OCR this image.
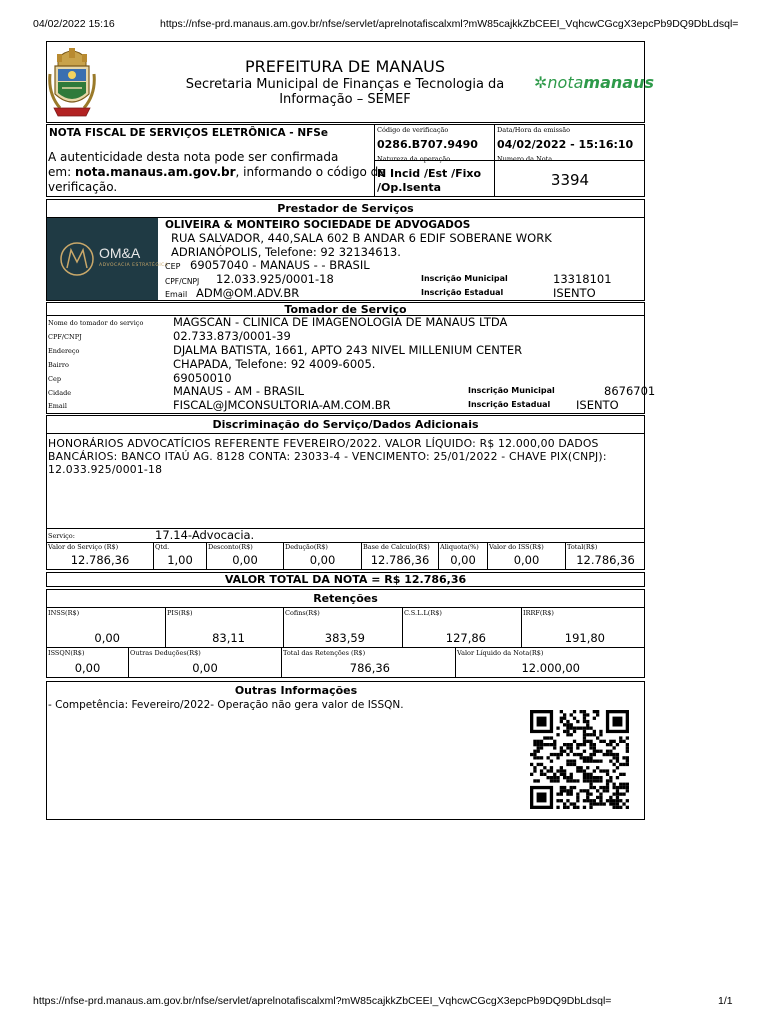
04/02/2022 15:16	https://nfse-prd.manaus.am.gov.br/nfse/servlet/aprelnotafiscalxml?mW85cajkkZbCEEI_VqhcwCGcgX3epcPb9DQ9DbLdsql=
https://nfse-prd.manaus.am.gov.br/nfse/servlet/aprelnotafiscalxml?mW85cajkkZbCEEI_VqhcwCGcgX3epcPb9DQ9DbLdsql=	1/1
PREFEITURA DE MANAUS
Secretaria Municipal de Finanças e Tecnologia da
Informação – SEMEF
✲notamanaus
NOTA FISCAL DE SERVIÇOS ELETRÔNICA - NFSe
A autenticidade desta nota pode ser confirmada
em: nota.manaus.am.gov.br, informando o código de
verificação.
Código de verificação
0286.B707.9490
Data/Hora da emissão
04/02/2022 - 15:16:10
Natureza da operação
N Incid /Est /Fixo
/Op.Isenta
Numero da Nota
3394
Prestador de Serviços
OM&A
ADVOCACIA ESTRATÉGICA
OLIVEIRA & MONTEIRO SOCIEDADE DE ADVOGADOS
RUA SALVADOR, 440,SALA 602 B ANDAR 6 EDIF SOBERANE WORK
ADRIANÓPOLIS, Telefone: 92 32134613.
CEP 69057040 - MANAUS - - BRASIL
CPF/CNPJ 12.033.925/0001-18
Email ADM@OM.ADV.BR
Inscrição Municipal	13318101
Inscrição Estadual	ISENTO
Tomador de Serviço
Nome do tomador do serviço	MAGSCAN - CLINICA DE IMAGENOLOGIA DE MANAUS LTDA
CPF/CNPJ	02.733.873/0001-39
Endereço	DJALMA BATISTA, 1661, APTO 243 NIVEL MILLENIUM CENTER
Bairro	CHAPADA, Telefone: 92 4009-6005.
Cep	69050010
Cidade	MANAUS - AM - BRASIL
Email	FISCAL@JMCONSULTORIA-AM.COM.BR
Inscrição Municipal	8676701
Inscrição Estadual ISENTO
Discriminação do Serviço/Dados Adicionais
HONORÁRIOS ADVOCATÍCIOS REFERENTE FEVEREIRO/2022. VALOR LÍQUIDO: R$ 12.000,00 DADOS
BANCÁRIOS: BANCO ITAÚ AG. 8128 CONTA: 23033-4 - VENCIMENTO: 25/01/2022 - CHAVE PIX(CNPJ):
12.033.925/0001-18
Serviço:	17.14-Advocacia.
Valor do Serviço (R$)
12.786,36
Qtd.
1,00
Desconto(R$)
0,00
Dedução(R$)
0,00
Base de Calculo(R$)
12.786,36
Aliquota(%)
0,00
Valor do ISS(R$)
0,00
Total(R$)
12.786,36
VALOR TOTAL DA NOTA = R$ 12.786,36
Retenções
INSS(R$)
0,00
PIS(R$)
83,11
Cofins(R$)
383,59
C.S.L.L(R$)
127,86
IRRF(R$)
191,80
ISSQN(R$)
0,00
Outras Deduções(R$)
0,00
Total das Retenções (R$)
786,36
Valor Líquido da Nota(R$)
12.000,00
Outras Informações
- Competência: Fevereiro/2022- Operação não gera valor de ISSQN.
